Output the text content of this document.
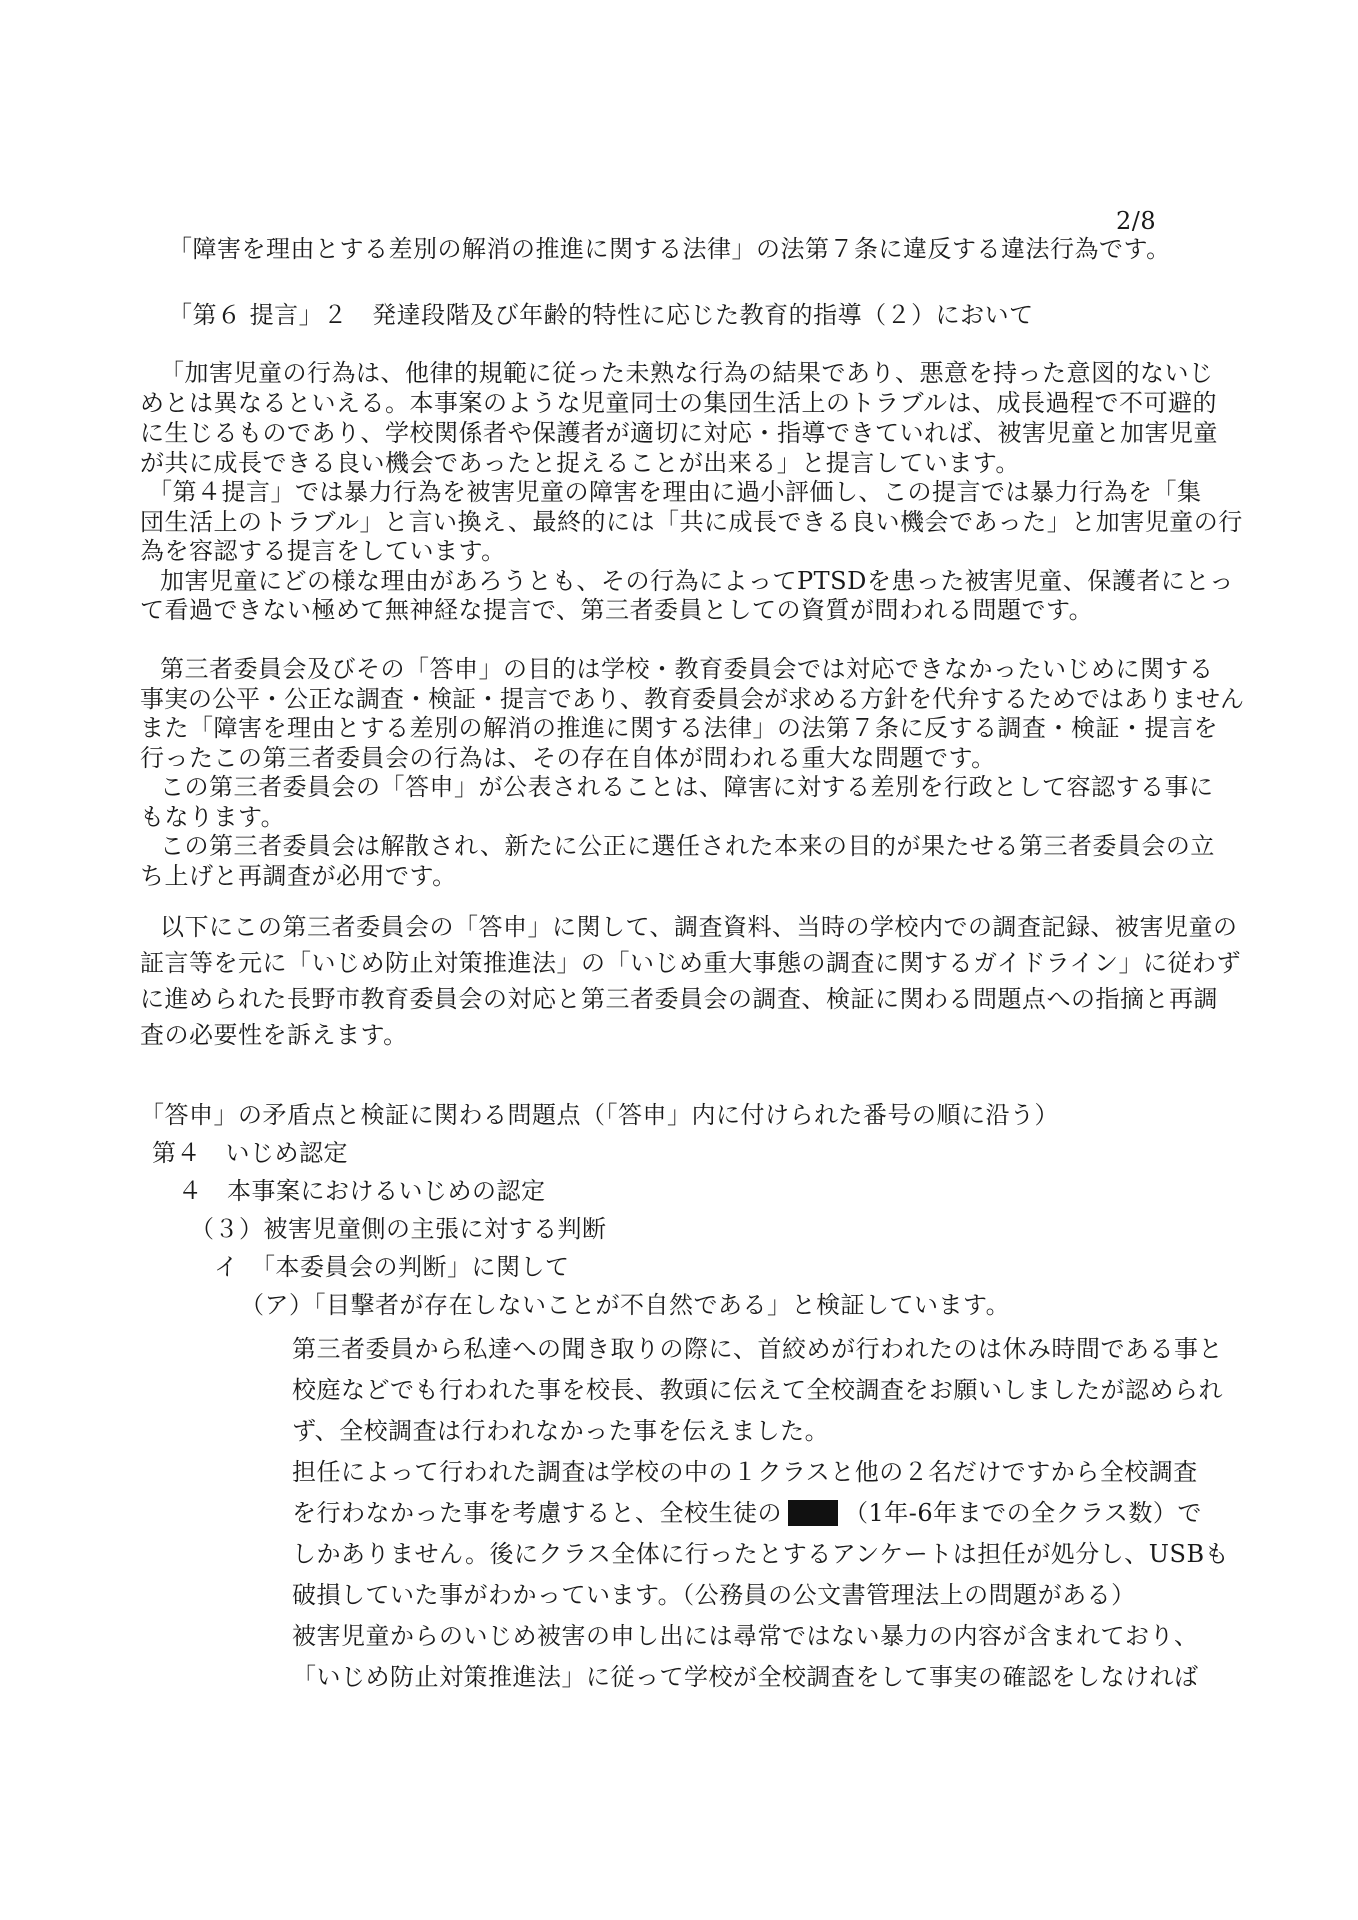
2/8
「障害を理由とする差別の解消の推進に関する法律」の法第７条に違反する違法行為です。
「第６ 提言」２　発達段階及び年齢的特性に応じた教育的指導（２）において
「加害児童の行為は、他律的規範に従った未熟な行為の結果であり、悪意を持った意図的ないじ
めとは異なるといえる。本事案のような児童同士の集団生活上のトラブルは、成長過程で不可避的
に生じるものであり、学校関係者や保護者が適切に対応・指導できていれば、被害児童と加害児童
が共に成長できる良い機会であったと捉えることが出来る」と提言しています。
「第４提言」では暴力行為を被害児童の障害を理由に過小評価し、この提言では暴力行為を「集
団生活上のトラブル」と言い換え、最終的には「共に成長できる良い機会であった」と加害児童の行
為を容認する提言をしています。
加害児童にどの様な理由があろうとも、その行為によってPTSDを患った被害児童、保護者にとっ
て看過できない極めて無神経な提言で、第三者委員としての資質が問われる問題です。
第三者委員会及びその「答申」の目的は学校・教育委員会では対応できなかったいじめに関する
事実の公平・公正な調査・検証・提言であり、教育委員会が求める方針を代弁するためではありません
また「障害を理由とする差別の解消の推進に関する法律」の法第７条に反する調査・検証・提言を
行ったこの第三者委員会の行為は、その存在自体が問われる重大な問題です。
この第三者委員会の「答申」が公表されることは、障害に対する差別を行政として容認する事に
もなります。
この第三者委員会は解散され、新たに公正に選任された本来の目的が果たせる第三者委員会の立
ち上げと再調査が必用です。
以下にこの第三者委員会の「答申」に関して、調査資料、当時の学校内での調査記録、被害児童の
証言等を元に「いじめ防止対策推進法」の「いじめ重大事態の調査に関するガイドライン」に従わず
に進められた長野市教育委員会の対応と第三者委員会の調査、検証に関わる問題点への指摘と再調
査の必要性を訴えます。
「答申」の矛盾点と検証に関わる問題点（「答申」内に付けられた番号の順に沿う）
第４　いじめ認定
４　本事案におけるいじめの認定
（３）被害児童側の主張に対する判断
イ　「本委員会の判断」に関して
（ア）「目撃者が存在しないことが不自然である」と検証しています。
第三者委員から私達への聞き取りの際に、首絞めが行われたのは休み時間である事と
校庭などでも行われた事を校長、教頭に伝えて全校調査をお願いしましたが認められ
ず、全校調査は行われなかった事を伝えました。
担任によって行われた調査は学校の中の１クラスと他の２名だけですから全校調査
を行わなかった事を考慮すると、全校生徒の	（1年-6年までの全クラス数）で
しかありません。後にクラス全体に行ったとするアンケートは担任が処分し、USBも
破損していた事がわかっています。（公務員の公文書管理法上の問題がある）
被害児童からのいじめ被害の申し出には尋常ではない暴力の内容が含まれており、
「いじめ防止対策推進法」に従って学校が全校調査をして事実の確認をしなければ
